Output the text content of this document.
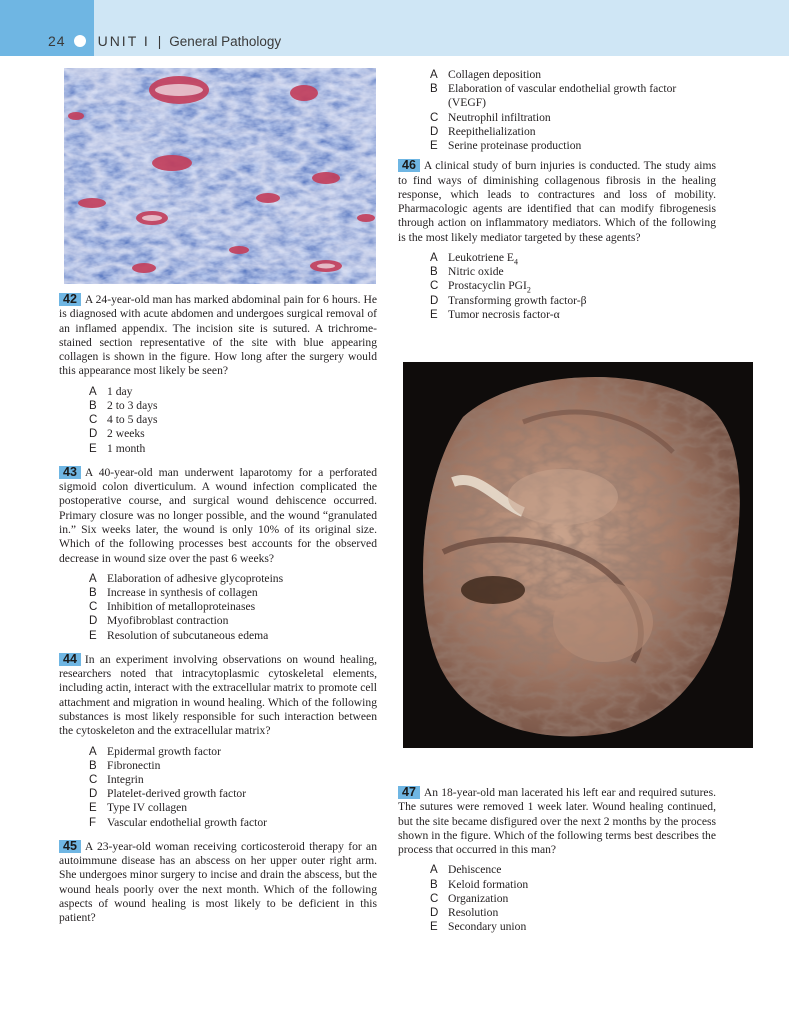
24 UNIT I | General Pathology

42 A 24-year-old man has marked abdominal pain for 6 hours. He is diagnosed with acute abdomen and undergoes surgical removal of an inflamed appendix. The incision site is sutured. A trichrome-stained section representative of the site with blue appearing collagen is shown in the figure. How long after the surgery would this appearance most likely be seen?

A 1 day
B 2 to 3 days
C 4 to 5 days
D 2 weeks
E 1 month

43 A 40-year-old man underwent laparotomy for a perforated sigmoid colon diverticulum. A wound infection complicated the postoperative course, and surgical wound dehiscence occurred. Primary closure was no longer possible, and the wound “granulated in.” Six weeks later, the wound is only 10% of its original size. Which of the following processes best accounts for the observed decrease in wound size over the past 6 weeks?

A Elaboration of adhesive glycoproteins
B Increase in synthesis of collagen
C Inhibition of metalloproteinases
D Myofibroblast contraction
E Resolution of subcutaneous edema

44 In an experiment involving observations on wound healing, researchers noted that intracytoplasmic cytoskeletal elements, including actin, interact with the extracellular matrix to promote cell attachment and migration in wound healing. Which of the following substances is most likely responsible for such interaction between the cytoskeleton and the extracellular matrix?

A Epidermal growth factor
B Fibronectin
C Integrin
D Platelet-derived growth factor
E Type IV collagen
F Vascular endothelial growth factor

45 A 23-year-old woman receiving corticosteroid therapy for an autoimmune disease has an abscess on her upper outer right arm. She undergoes minor surgery to incise and drain the abscess, but the wound heals poorly over the next month. Which of the following aspects of wound healing is most likely to be deficient in this patient?

A Collagen deposition
B Elaboration of vascular endothelial growth factor (VEGF)
C Neutrophil infiltration
D Reepithelialization
E Serine proteinase production

46 A clinical study of burn injuries is conducted. The study aims to find ways of diminishing collagenous fibrosis in the healing response, which leads to contractures and loss of mobility. Pharmacologic agents are identified that can modify fibrogenesis through action on inflammatory mediators. Which of the following is the most likely mediator targeted by these agents?

A Leukotriene $E_4$
B Nitric oxide
C Prostacyclin $PGI_2$
D Transforming growth factor-β
E Tumor necrosis factor-α

47 An 18-year-old man lacerated his left ear and required sutures. The sutures were removed 1 week later. Wound healing continued, but the site became disfigured over the next 2 months by the process shown in the figure. Which of the following terms best describes the process that occurred in this man?

A Dehiscence
B Keloid formation
C Organization
D Resolution
E Secondary union
